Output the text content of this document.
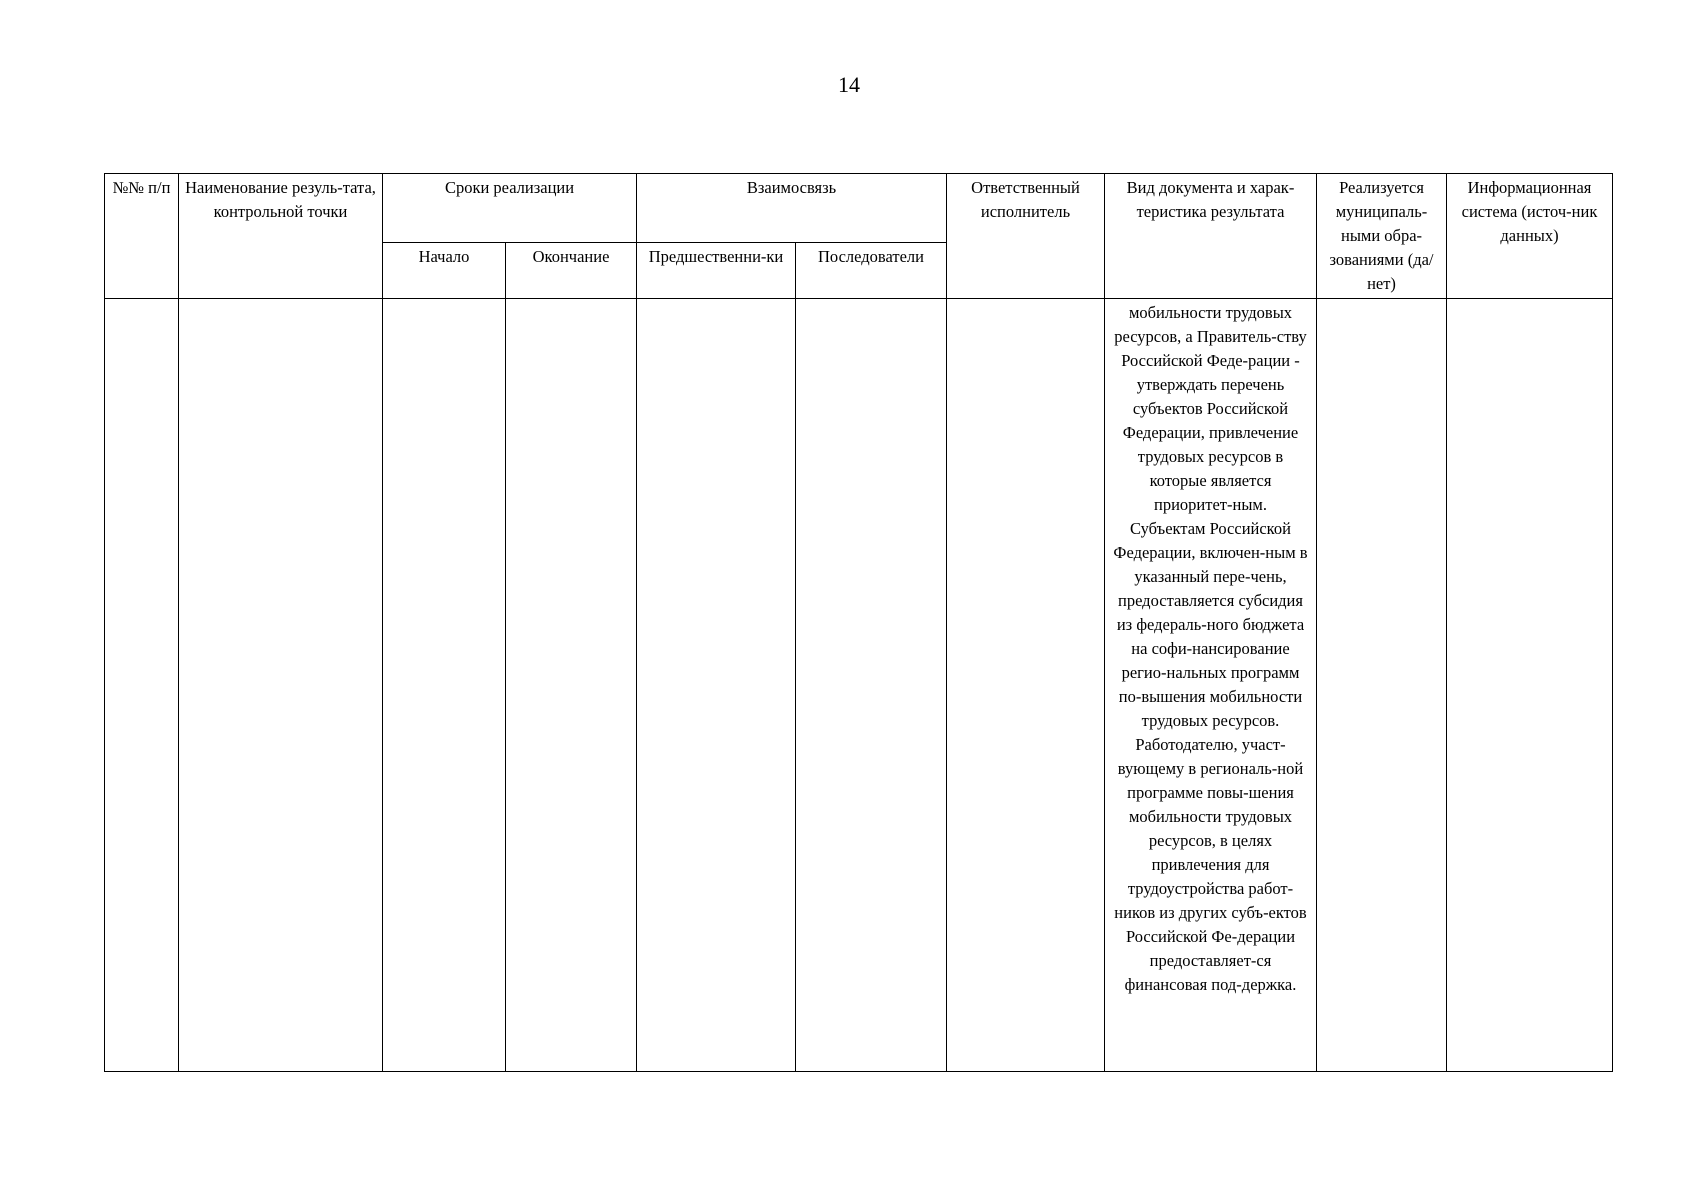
14
№№ п/п	Наименование резуль-тата, контрольной точки	Сроки реализации		Взаимосвязь		Ответственный исполнитель	Вид документа и харак-теристика результата	Реализуется муниципаль-ными обра-зованиями (да/нет)	Информационная система (источ-ник данных)
		Начало	Окончание	Предшественни-ки	Последователи				

							мобильности трудовых ресурсов, а Правитель-ству Российской Феде-рации - утверждать перечень субъектов Российской Федерации, привлечение трудовых ресурсов в которые является приоритет-ным.
Субъектам Российской Федерации, включен-ным в указанный пере-чень, предоставляется субсидия из федераль-ного бюджета на софи-нансирование регио-нальных программ по-вышения мобильности трудовых ресурсов.
Работодателю, участ-вующему в региональ-ной программе повы-шения мобильности трудовых ресурсов, в целях привлечения для трудоустройства работ-ников из других субъ-ектов Российской Фе-дерации предоставляет-ся финансовая под-держка.		
